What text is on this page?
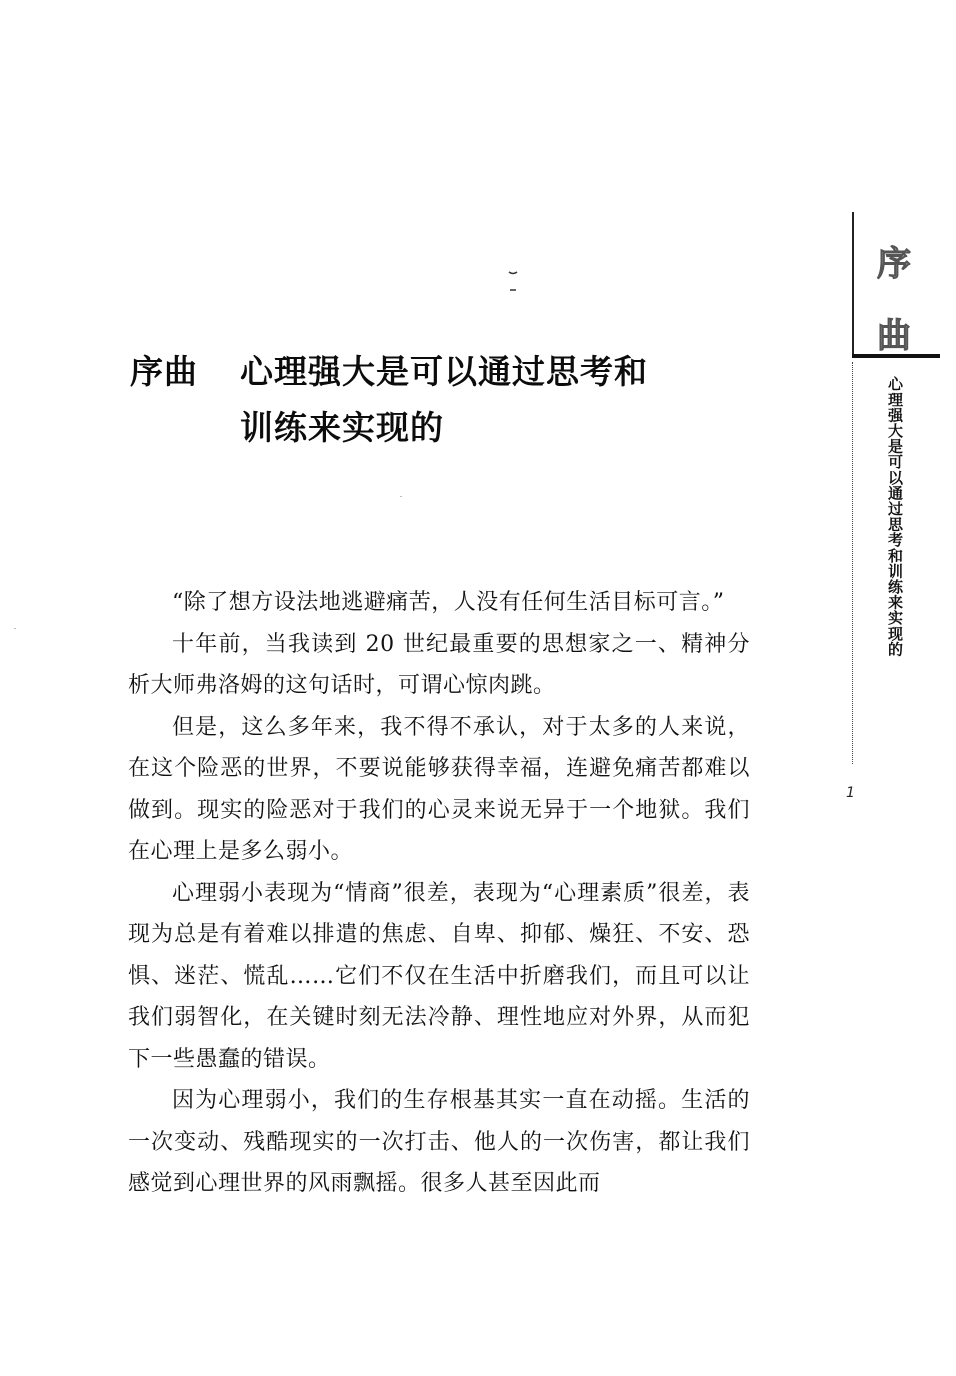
序曲 心理强大是可以通过思考和
训练来实现的

“除了想方设法地逃避痛苦，人没有任何生活目标可言。”

十年前，当我读到 20 世纪最重要的思想家之一、精神分析大师弗洛姆的这句话时，可谓心惊肉跳。

但是，这么多年来，我不得不承认，对于太多的人来说，在这个险恶的世界，不要说能够获得幸福，连避免痛苦都难以做到。现实的险恶对于我们的心灵来说无异于一个地狱。我们在心理上是多么弱小。

心理弱小表现为“情商”很差，表现为“心理素质”很差，表现为总是有着难以排遣的焦虑、自卑、抑郁、燥狂、不安、恐惧、迷茫、慌乱……它们不仅在生活中折磨我们，而且可以让我们弱智化，在关键时刻无法冷静、理性地应对外界，从而犯下一些愚蠢的错误。

因为心理弱小，我们的生存根基其实一直在动摇。生活的一次变动、残酷现实的一次打击、他人的一次伤害，都让我们感觉到心理世界的风雨飘摇。很多人甚至因此而

序
曲
心理强大是可以通过思考和训练来实现的
1
